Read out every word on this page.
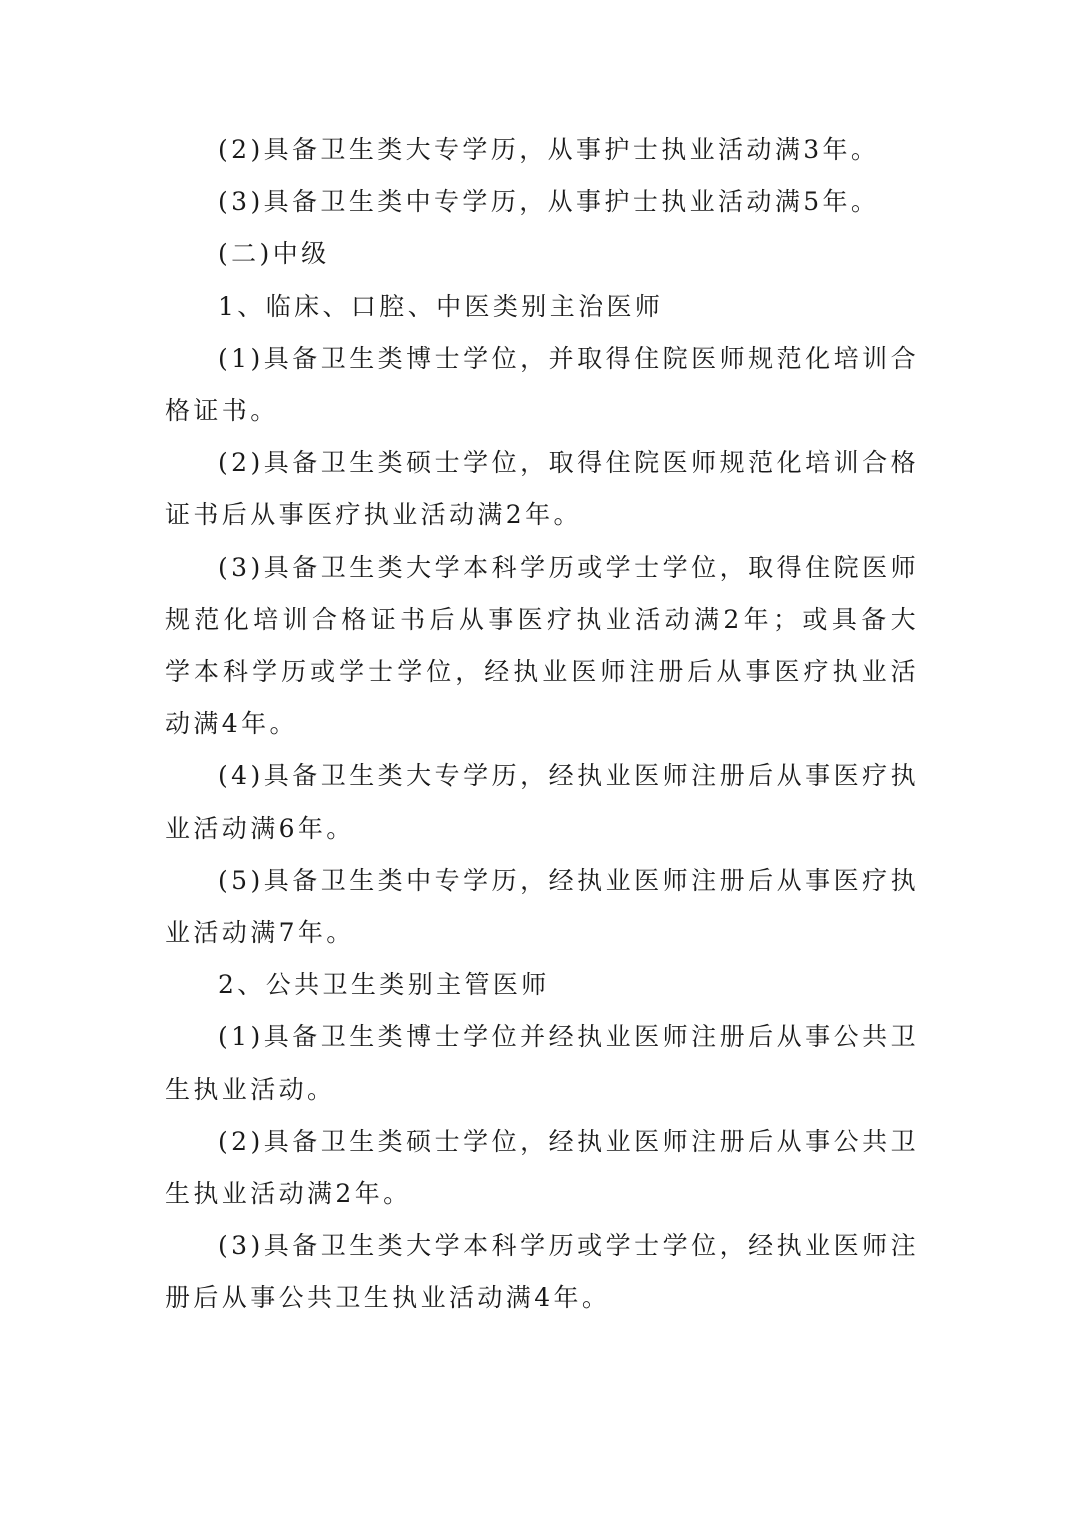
(2)具备卫生类大专学历，从事护士执业活动满3年。

(3)具备卫生类中专学历，从事护士执业活动满5年。

(二)中级

1、临床、口腔、中医类别主治医师

(1)具备卫生类博士学位，并取得住院医师规范化培训合格证书。

(2)具备卫生类硕士学位，取得住院医师规范化培训合格证书后从事医疗执业活动满2年。

(3)具备卫生类大学本科学历或学士学位，取得住院医师规范化培训合格证书后从事医疗执业活动满2年；或具备大学本科学历或学士学位，经执业医师注册后从事医疗执业活动满4年。

(4)具备卫生类大专学历，经执业医师注册后从事医疗执业活动满6年。

(5)具备卫生类中专学历，经执业医师注册后从事医疗执业活动满7年。

2、公共卫生类别主管医师

(1)具备卫生类博士学位并经执业医师注册后从事公共卫生执业活动。

(2)具备卫生类硕士学位，经执业医师注册后从事公共卫生执业活动满2年。

(3)具备卫生类大学本科学历或学士学位，经执业医师注册后从事公共卫生执业活动满4年。
